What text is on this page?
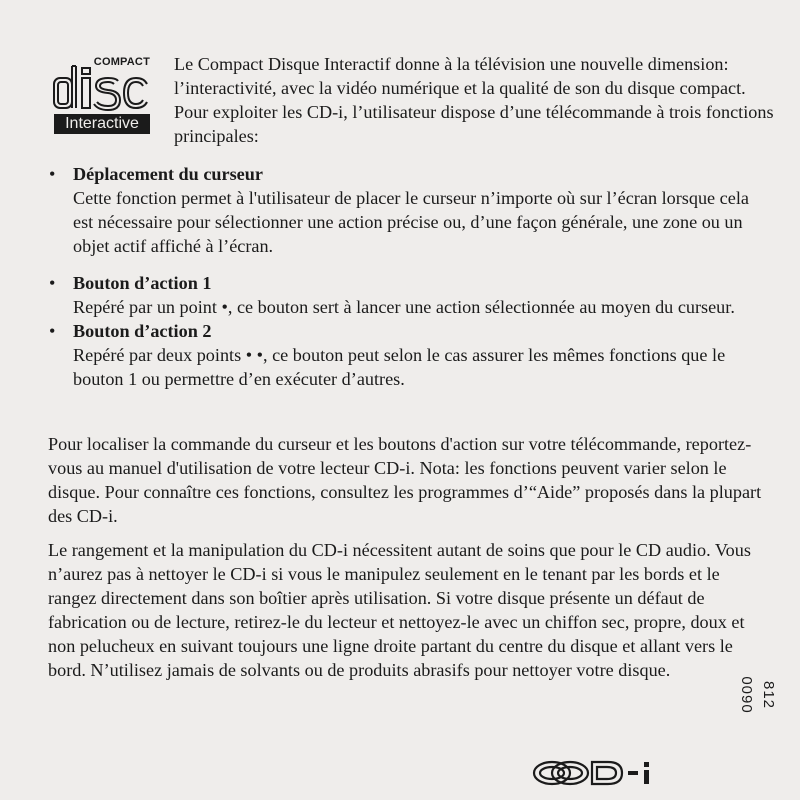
COMPACT
Interactive

Le Compact Disque Interactif donne à la télévision une nouvelle dimension: l’interactivité, avec la vidéo numérique et la qualité de son du disque compact. Pour exploiter les CD-i, l’utilisateur dispose d’une télécommande à trois fonctions principales:

• Déplacement du curseur
Cette fonction permet à l'utilisateur de placer le curseur n’importe où sur l’écran lorsque cela est nécessaire pour sélectionner une action précise ou, d’une façon générale, une zone ou un objet actif affiché à l’écran.
• Bouton d’action 1
Repéré par un point •, ce bouton sert à lancer une action sélectionnée au moyen du curseur.
• Bouton d’action 2
Repéré par deux points • •, ce bouton peut selon le cas assurer les mêmes fonctions que le bouton 1 ou permettre d’en exécuter d’autres.

Pour localiser la commande du curseur et les boutons d'action sur votre télécommande, reportez-vous au manuel d'utilisation de votre lecteur CD-i. Nota: les fonctions peuvent varier selon le disque. Pour connaître ces fonctions, consultez les programmes d’“Aide” proposés dans la plupart des CD-i.

Le rangement et la manipulation du CD-i nécessitent autant de soins que pour le CD audio. Vous n’aurez pas à nettoyer le CD-i si vous le manipulez seulement en le tenant par les bords et le rangez directement dans son boîtier après utilisation. Si votre disque présente un défaut de fabrication ou de lecture, retirez-le du lecteur et nettoyez-le avec un chiffon sec, propre, doux et non pelucheux en suivant toujours une ligne droite partant du centre du disque et allant vers le bord. N’utilisez jamais de solvants ou de produits abrasifs pour nettoyer votre disque.

812 0090
CD-i
